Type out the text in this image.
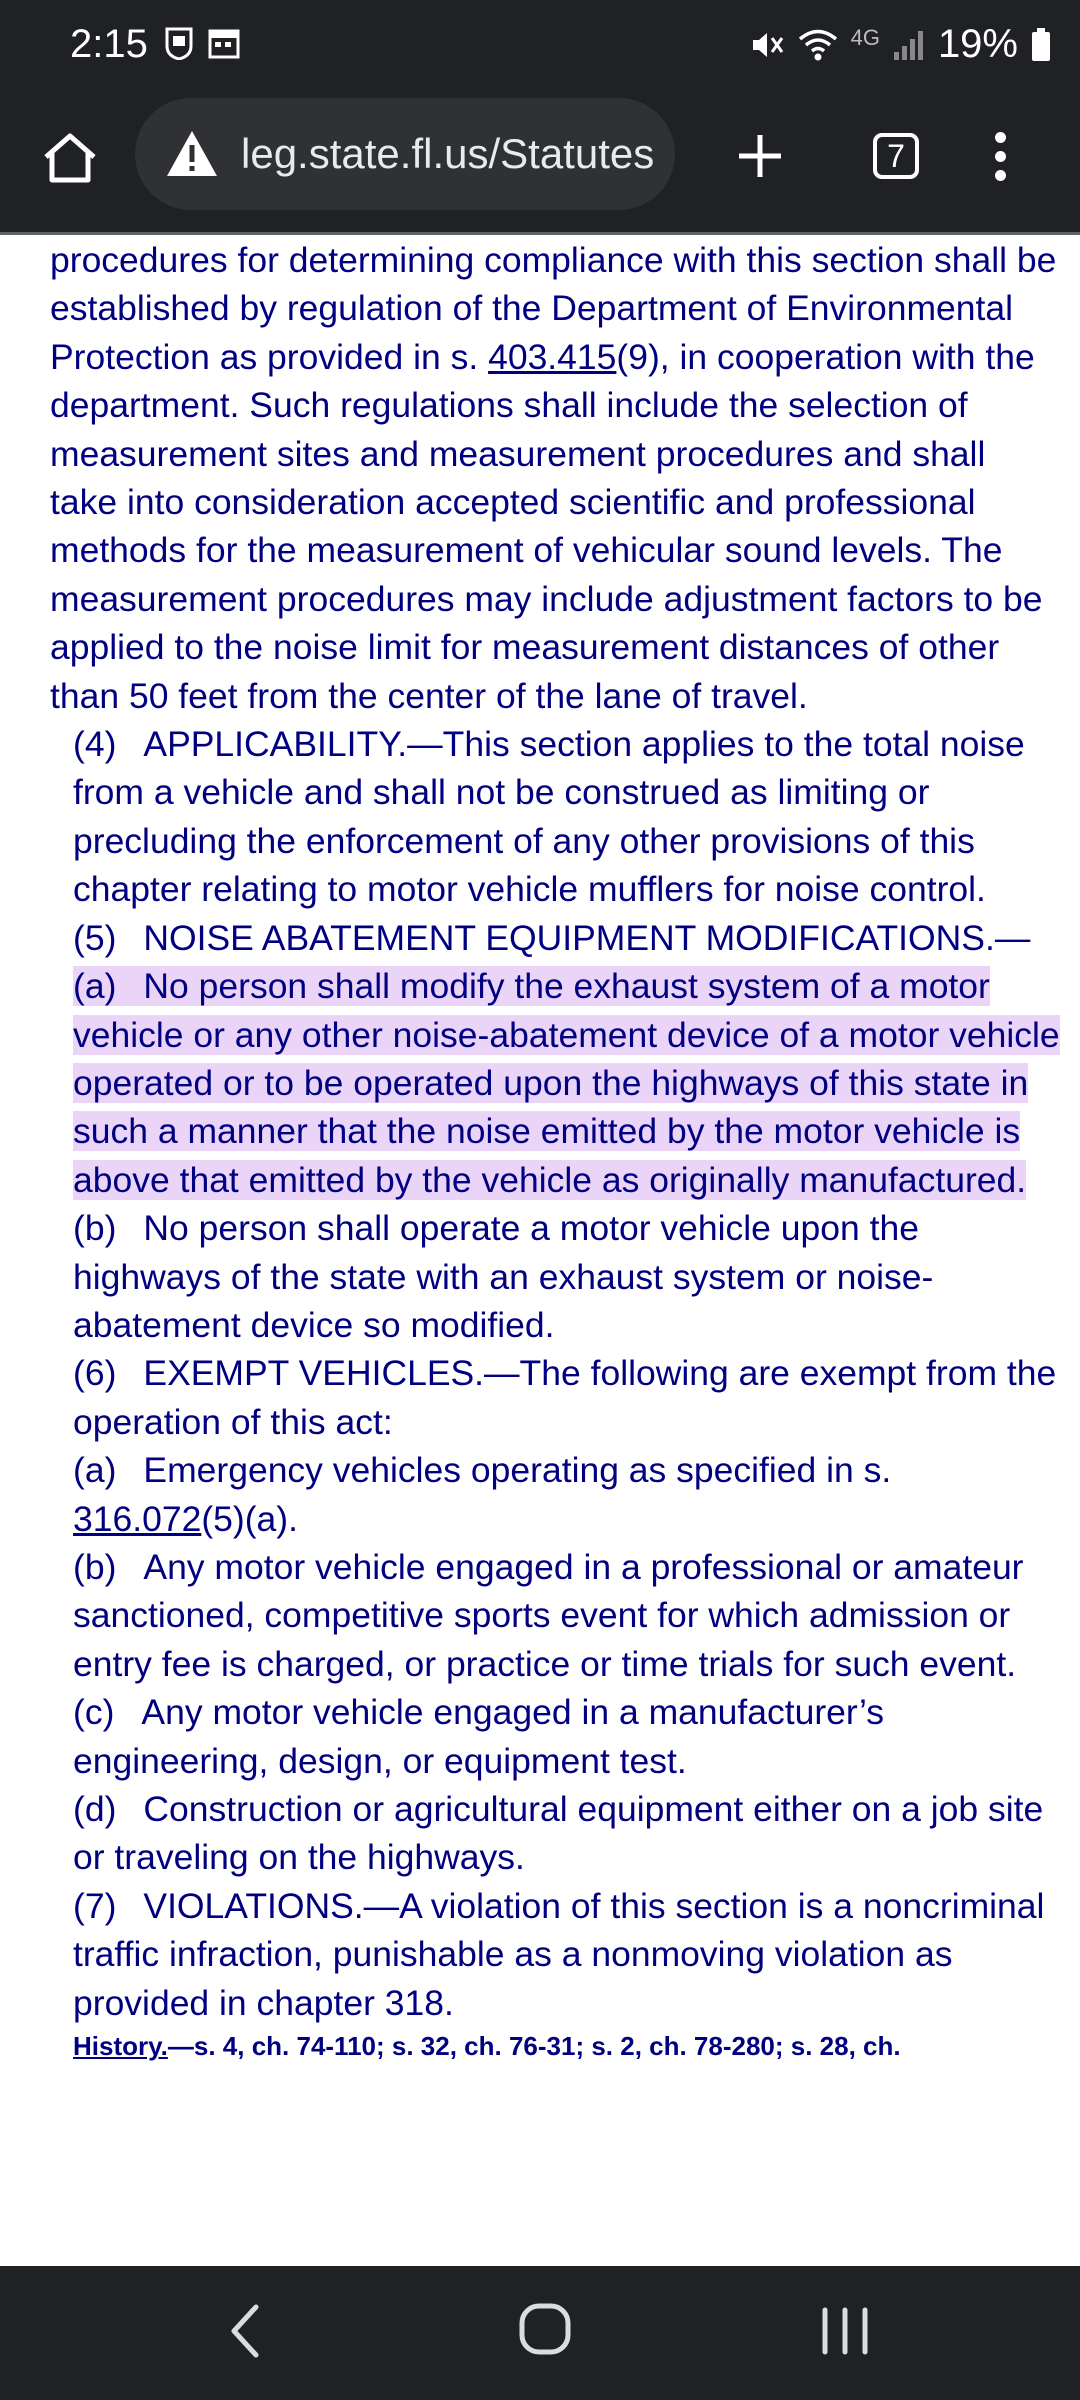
2:15	4G 19%
leg.state.fl.us/Statutes	7

procedures for determining compliance with this section shall be established by regulation of the Department of Environmental Protection as provided in s. 403.415(9), in cooperation with the department. Such regulations shall include the selection of measurement sites and measurement procedures and shall take into consideration accepted scientific and professional methods for the measurement of vehicular sound levels. The measurement procedures may include adjustment factors to be applied to the noise limit for measurement distances of other than 50 feet from the center of the lane of travel.

(4) APPLICABILITY.—This section applies to the total noise from a vehicle and shall not be construed as limiting or precluding the enforcement of any other provisions of this chapter relating to motor vehicle mufflers for noise control.

(5) NOISE ABATEMENT EQUIPMENT MODIFICATIONS.—

(a) No person shall modify the exhaust system of a motor vehicle or any other noise-abatement device of a motor vehicle operated or to be operated upon the highways of this state in such a manner that the noise emitted by the motor vehicle is above that emitted by the vehicle as originally manufactured.

(b) No person shall operate a motor vehicle upon the highways of the state with an exhaust system or noise-abatement device so modified.

(6) EXEMPT VEHICLES.—The following are exempt from the operation of this act:

(a) Emergency vehicles operating as specified in s. 316.072(5)(a).

(b) Any motor vehicle engaged in a professional or amateur sanctioned, competitive sports event for which admission or entry fee is charged, or practice or time trials for such event.

(c) Any motor vehicle engaged in a manufacturer’s engineering, design, or equipment test.

(d) Construction or agricultural equipment either on a job site or traveling on the highways.

(7) VIOLATIONS.—A violation of this section is a noncriminal traffic infraction, punishable as a nonmoving violation as provided in chapter 318.

History.—s. 4, ch. 74-110; s. 32, ch. 76-31; s. 2, ch. 78-280; s. 28, ch.
